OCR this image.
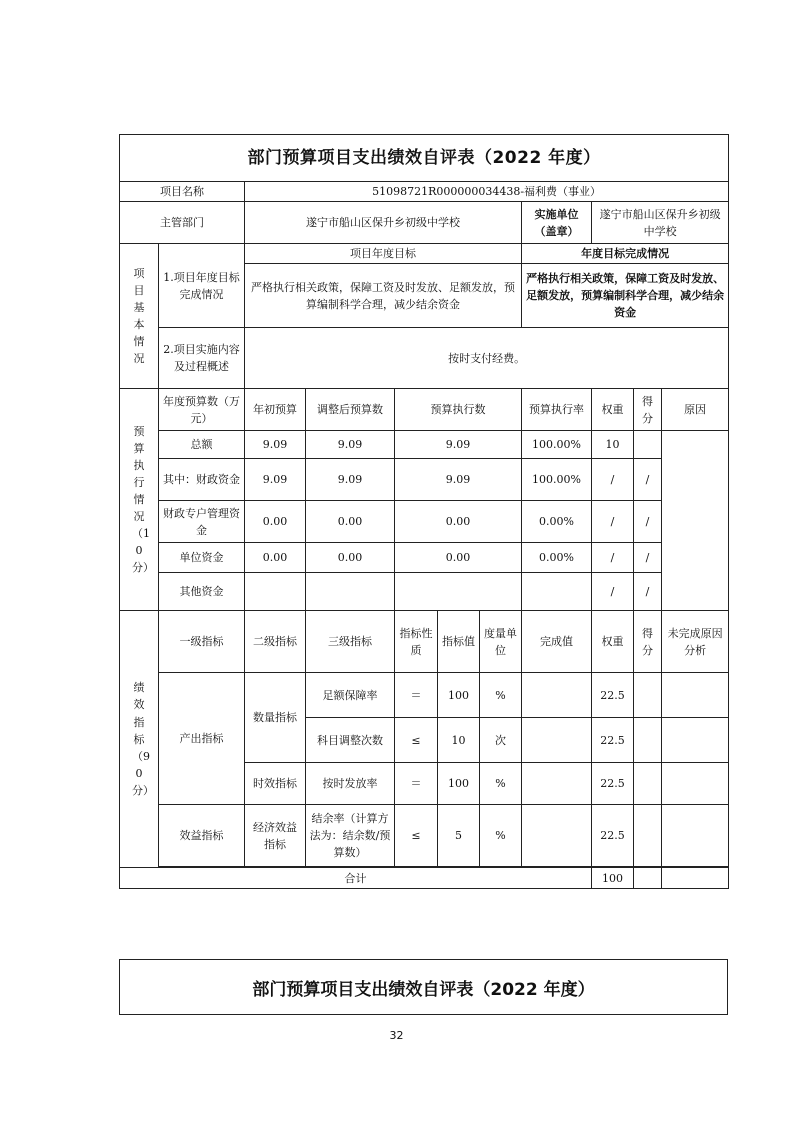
部门预算项目支出绩效自评表（2022 年度）										
项目名称		51098721R000000034438-福利费（事业）								
主管部门		遂宁市船山区保升乡初级中学校					实施单位（盖章）	遂宁市船山区保升乡初级中学校		

项目基本情况	1.项目年度目标完成情况	项目年度目标					年度目标完成情况			
		严格执行相关政策，保障工资及时发放、足额发放，预算编制科学合理，减少结余资金					严格执行相关政策，保障工资及时发放、足额发放，预算编制科学合理，减少结余资金			
	2.项目实施内容及过程概述	按时支付经费。								

预算执行情况（10分）	年度预算数（万元）	年初预算	调整后预算数	预算执行数			预算执行率	权重	得分	原因
	总额	9.09	9.09	9.09			100.00%	10		
	其中：财政资金	9.09	9.09	9.09			100.00%	/	/	
	财政专户管理资金	0.00	0.00	0.00			0.00%	/	/	
	单位资金	0.00	0.00	0.00			0.00%	/	/	
	其他资金							/	/	

绩效指标（90分）	一级指标	二级指标	三级指标	指标性质	指标值	度量单位	完成值	权重	得分	未完成原因分析
	产出指标	数量指标	足额保障率	＝	100	%		22.5		
			科目调整次数	≤	10	次		22.5		
		时效指标	按时发放率	＝	100	%		22.5		
	效益指标	经济效益指标	结余率（计算方法为：结余数/预算数）	≤	5	%		22.5		

合计								100		
部门预算项目支出绩效自评表（2022 年度）
32
